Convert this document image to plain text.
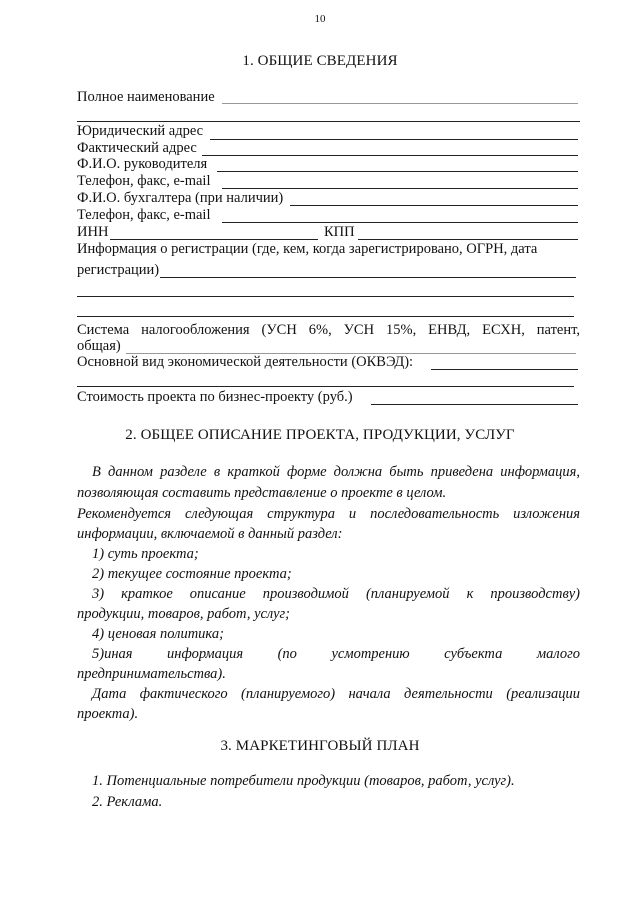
10
1. ОБЩИЕ СВЕДЕНИЯ
Полное наименование
Юридический адрес
Фактический адрес
Ф.И.О. руководителя
Телефон, факс, e-mail
Ф.И.О. бухгалтера (при наличии)
Телефон, факс, e-mail
ИНН	КПП
Информация о регистрации (где, кем, когда зарегистрировано, ОГРН, дата
регистрации)
Система налогообложения (УСН 6%, УСН 15%, ЕНВД, ЕСХН, патент,
общая)
Основной вид экономической деятельности (ОКВЭД):
Стоимость проекта по бизнес-проекту (руб.)
2. ОБЩЕЕ ОПИСАНИЕ ПРОЕКТА, ПРОДУКЦИИ, УСЛУГ
В данном разделе в краткой форме должна быть приведена информация,
позволяющая составить представление о проекте в целом.
Рекомендуется следующая структура и последовательность изложения
информации, включаемой в данный раздел:
1) суть проекта;
2) текущее состояние проекта;
3) краткое описание производимой (планируемой к производству)
продукции, товаров, работ, услуг;
4) ценовая политика;
5)иная информация (по усмотрению субъекта малого
предпринимательства).
Дата фактического (планируемого) начала деятельности (реализации
проекта).
3. МАРКЕТИНГОВЫЙ ПЛАН
1. Потенциальные потребители продукции (товаров, работ, услуг).
2. Реклама.
